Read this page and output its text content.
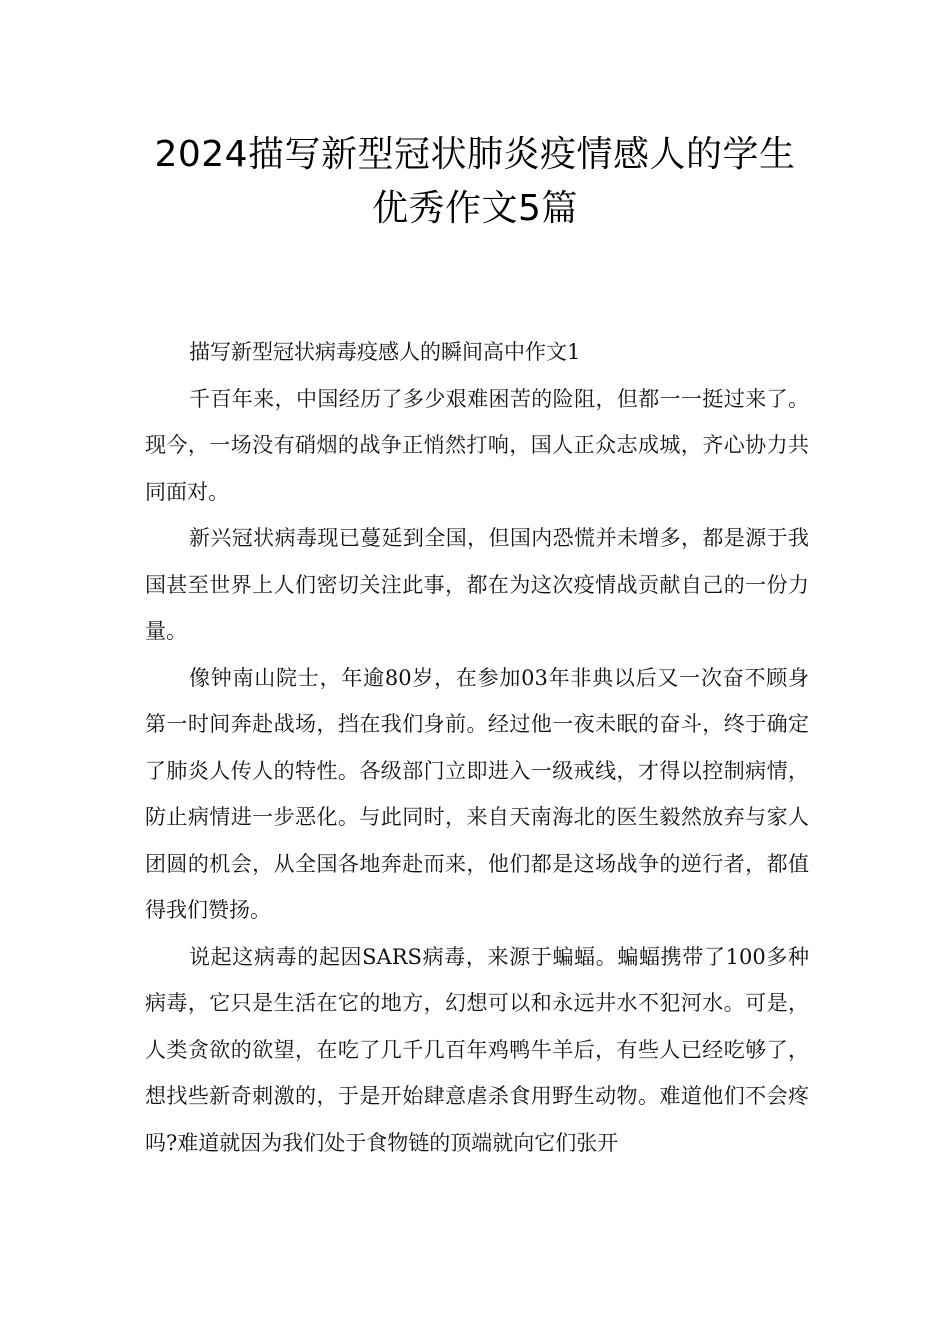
2024描写新型冠状肺炎疫情感人的学生
优秀作文5篇

描写新型冠状病毒疫感人的瞬间高中作文1

千百年来，中国经历了多少艰难困苦的险阻，但都一一挺过来了。现今，一场没有硝烟的战争正悄然打响，国人正众志成城，齐心协力共同面对。

新兴冠状病毒现已蔓延到全国，但国内恐慌并未增多，都是源于我国甚至世界上人们密切关注此事，都在为这次疫情战贡献自己的一份力量。

像钟南山院士，年逾80岁，在参加03年非典以后又一次奋不顾身第一时间奔赴战场，挡在我们身前。经过他一夜未眠的奋斗，终于确定了肺炎人传人的特性。各级部门立即进入一级戒线，才得以控制病情，防止病情进一步恶化。与此同时，来自天南海北的医生毅然放弃与家人团圆的机会，从全国各地奔赴而来，他们都是这场战争的逆行者，都值得我们赞扬。

说起这病毒的起因SARS病毒，来源于蝙蝠。蝙蝠携带了100多种病毒，它只是生活在它的地方，幻想可以和永远井水不犯河水。可是，人类贪欲的欲望，在吃了几千几百年鸡鸭牛羊后，有些人已经吃够了，想找些新奇刺激的，于是开始肆意虐杀食用野生动物。难道他们不会疼吗?难道就因为我们处于食物链的顶端就向它们张开
